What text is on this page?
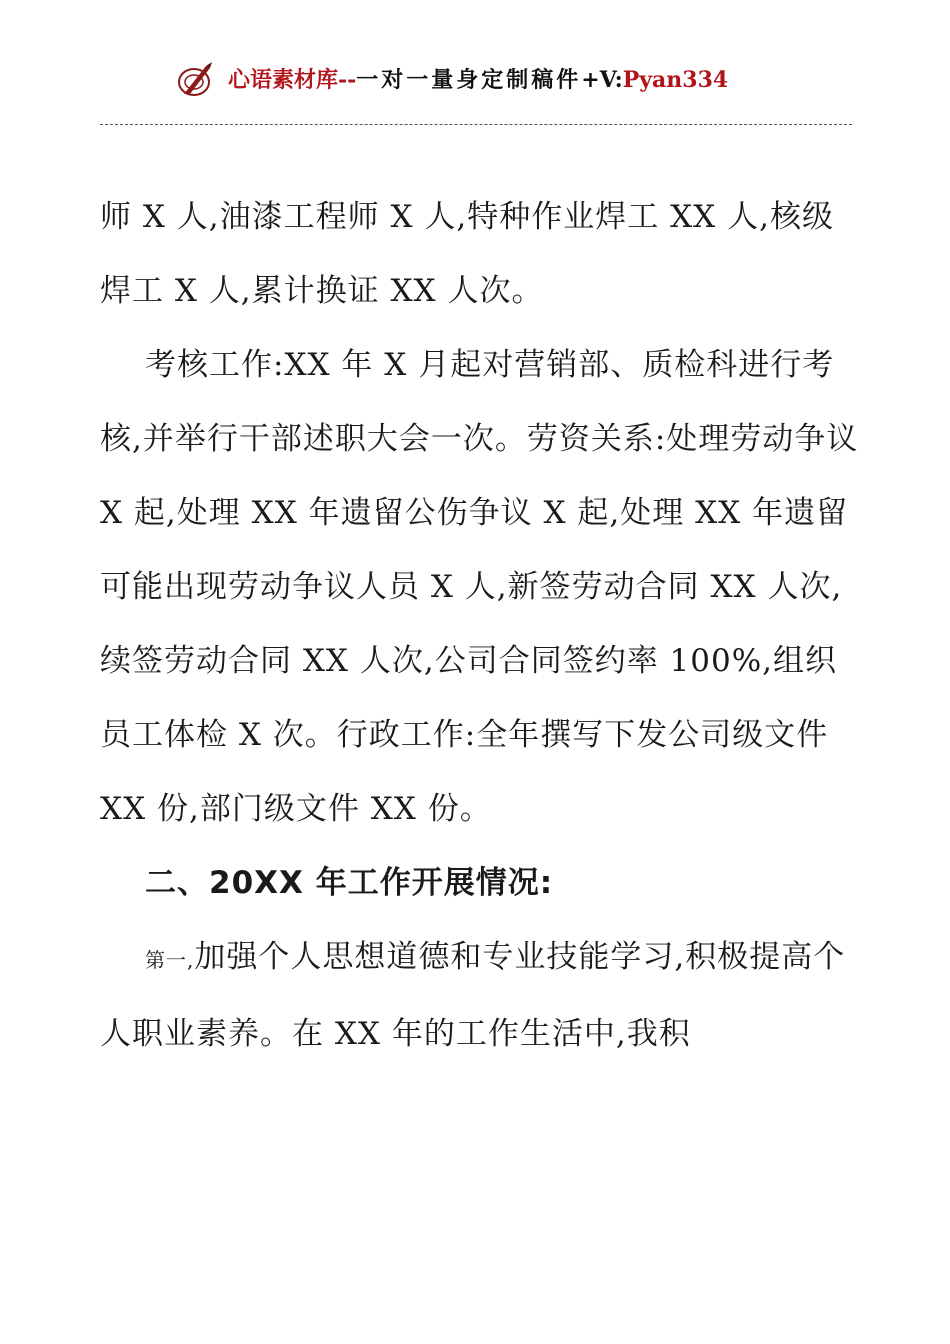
心语素材库--一对一量身定制稿件+V:Pyan334

师 X 人,油漆工程师 X 人,特种作业焊工 XX 人,核级焊工 X 人,累计换证 XX 人次。

考核工作:XX 年 X 月起对营销部、质检科进行考核,并举行干部述职大会一次。劳资关系:处理劳动争议 X 起,处理 XX 年遗留公伤争议 X 起,处理 XX 年遗留可能出现劳动争议人员 X 人,新签劳动合同 XX 人次,续签劳动合同 XX 人次,公司合同签约率 100%,组织员工体检 X 次。行政工作:全年撰写下发公司级文件 XX 份,部门级文件 XX 份。

二、20XX 年工作开展情况:

第一,加强个人思想道德和专业技能学习,积极提高个人职业素养。在 XX 年的工作生活中,我积
